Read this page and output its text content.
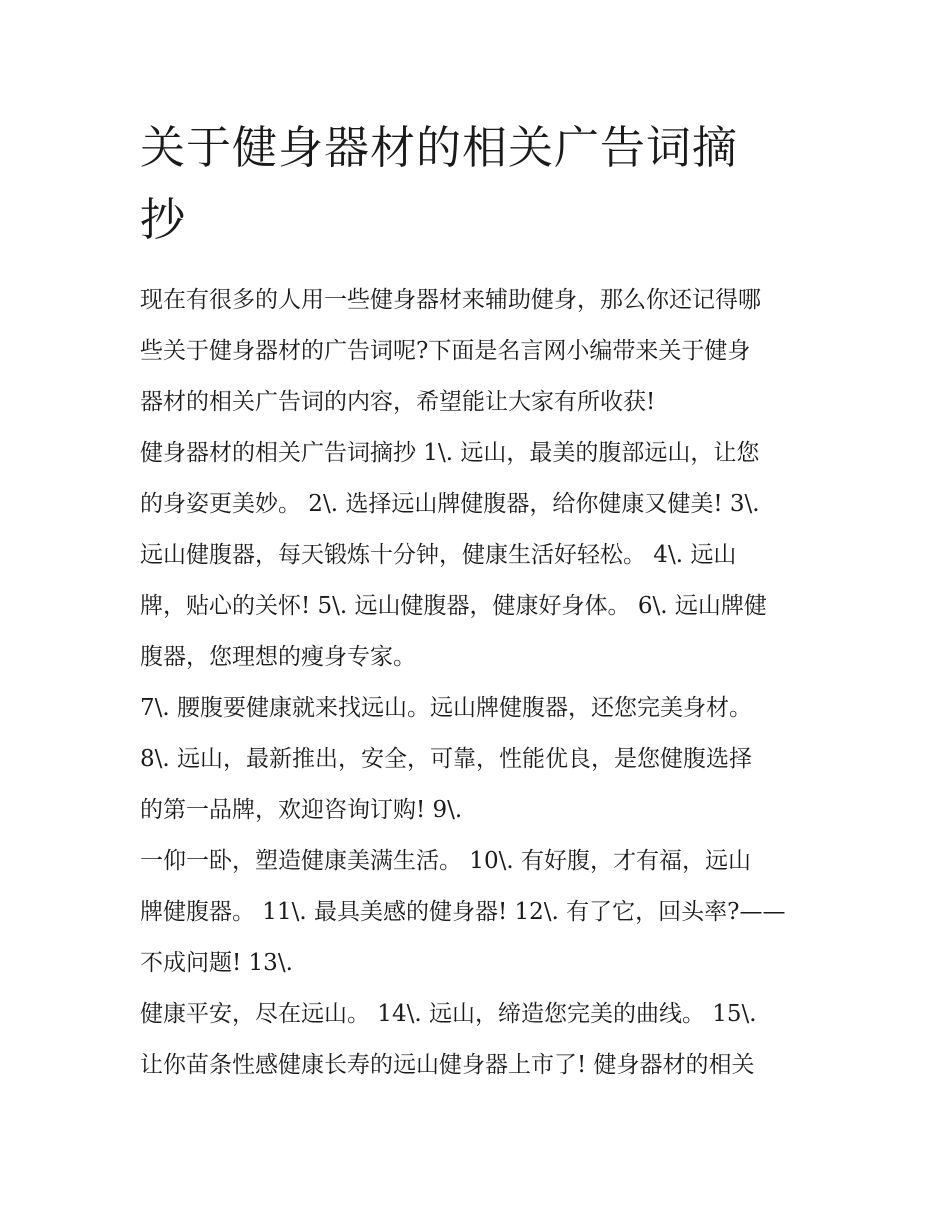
关于健身器材的相关广告词摘
抄
现在有很多的人用一些健身器材来辅助健身，那么你还记得哪
些关于健身器材的广告词呢?下面是名言网小编带来关于健身
器材的相关广告词的内容，希望能让大家有所收获!
健身器材的相关广告词摘抄 1\. 远山，最美的腹部远山，让您
的身姿更美妙。 2\. 选择远山牌健腹器，给你健康又健美! 3\.
远山健腹器，每天锻炼十分钟，健康生活好轻松。 4\. 远山
牌，贴心的关怀! 5\. 远山健腹器，健康好身体。 6\. 远山牌健
腹器，您理想的瘦身专家。
7\. 腰腹要健康就来找远山。远山牌健腹器，还您完美身材。
8\. 远山，最新推出，安全，可靠，性能优良，是您健腹选择
的第一品牌，欢迎咨询订购! 9\.
一仰一卧，塑造健康美满生活。 10\. 有好腹，才有福，远山
牌健腹器。 11\. 最具美感的健身器! 12\. 有了它，回头率?——
不成问题! 13\.
健康平安，尽在远山。 14\. 远山，缔造您完美的曲线。 15\.
让你苗条性感健康长寿的远山健身器上市了! 健身器材的相关
